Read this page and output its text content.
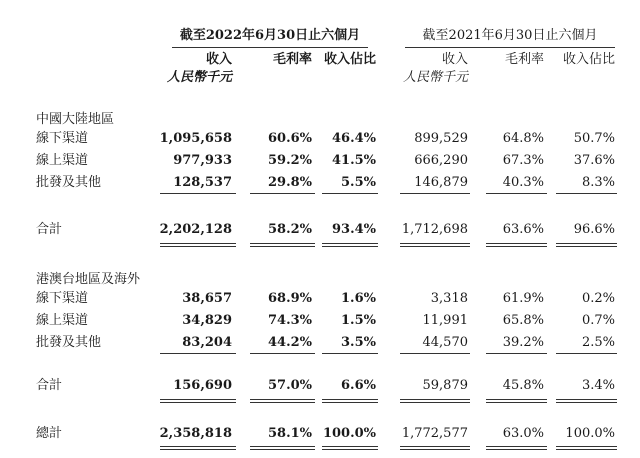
截至2022年6月30日止六個月	截至2021年6月30日止六個月
收入	毛利率 收入佔比	收入	毛利率	收入佔比
人民幣千元	人民幣千元
中國大陸地區
線下渠道	1,095,658	60.6%	46.4%	899,529	64.8%	50.7%
線上渠道	977,933	59.2%	41.5%	666,290	67.3%	37.6%
批發及其他	128,537	29.8%	5.5%	146,879	40.3%	8.3%
合計	2,202,128	58.2%	93.4%	1,712,698	63.6%	96.6%
港澳台地區及海外
線下渠道	38,657	68.9%	1.6%	3,318	61.9%	0.2%
線上渠道	34,829	74.3%	1.5%	11,991	65.8%	0.7%
批發及其他	83,204	44.2%	3.5%	44,570	39.2%	2.5%
合計	156,690	57.0%	6.6%	59,879	45.8%	3.4%
總計	2,358,818	58.1% 100.0%	1,772,577	63.0%	100.0%
